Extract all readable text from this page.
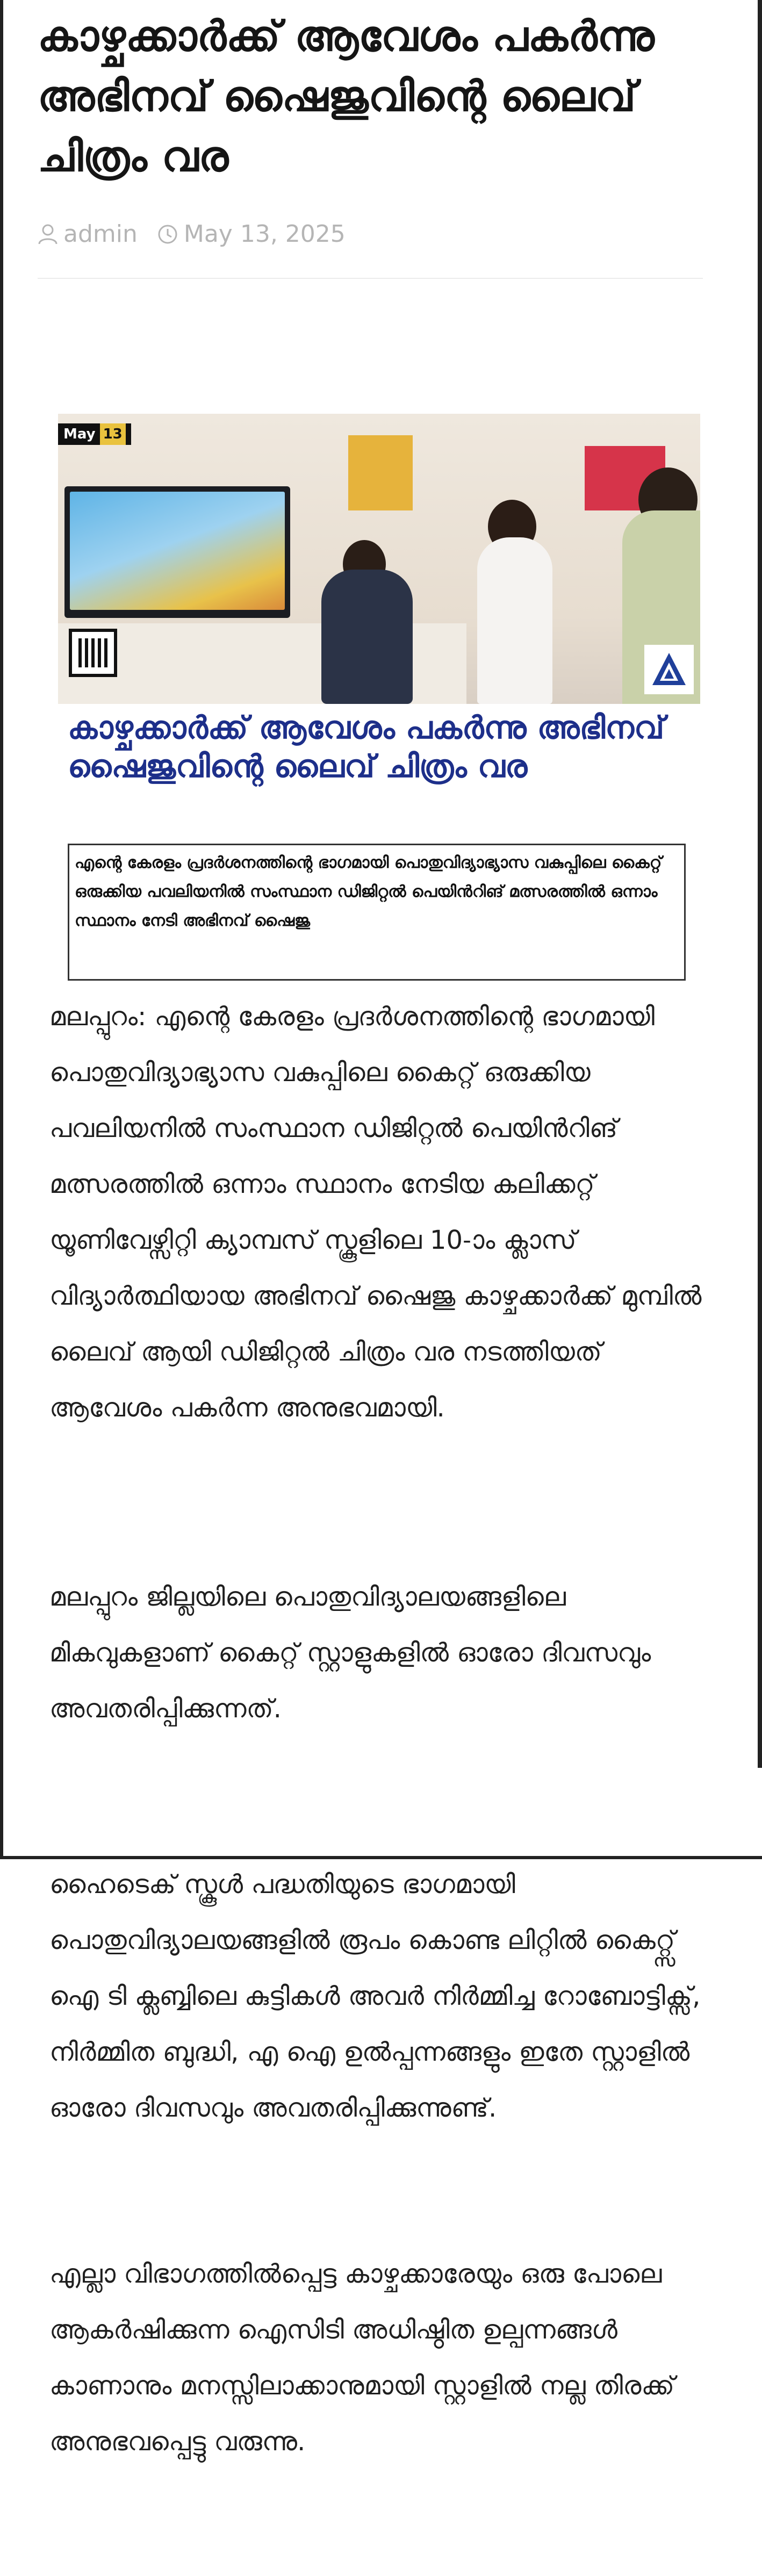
കാഴ്ചക്കാർക്ക് ആവേശം പകർന്നു അഭിനവ് ഷൈജുവിന്റെ ലൈവ് ചിത്രം വര
admin May 13, 2025
May 13
കാഴ്ചക്കാർക്ക് ആവേശം പകർന്നു അഭിനവ് ഷൈജുവിന്റെ ലൈവ് ചിത്രം വര
എന്റെ കേരളം പ്രദർശനത്തിന്റെ ഭാഗമായി പൊതുവിദ്യാഭ്യാസ വകുപ്പിലെ കൈറ്റ് ഒരുക്കിയ പവലിയനിൽ സംസ്ഥാന ഡിജിറ്റൽ പെയിൻറിങ് മത്സരത്തിൽ ഒന്നാം സ്ഥാനം നേടി അഭിനവ് ഷൈജു

മലപ്പുറം: എന്റെ കേരളം പ്രദർശനത്തിന്റെ ഭാഗമായി പൊതുവിദ്യാഭ്യാസ വകുപ്പിലെ കൈറ്റ് ഒരുക്കിയ പവലിയനിൽ സംസ്ഥാന ഡിജിറ്റൽ പെയിൻറിങ് മത്സരത്തിൽ ഒന്നാം സ്ഥാനം നേടിയ കലിക്കറ്റ് യൂണിവേഴ്സിറ്റി ക്യാമ്പസ് സ്കൂളിലെ 10-ാം ക്ലാസ് വിദ്യാർത്ഥിയായ അഭിനവ് ഷൈജു കാഴ്ചക്കാർക്ക് മുമ്പിൽ ലൈവ് ആയി ഡിജിറ്റൽ ചിത്രം വര നടത്തിയത് ആവേശം പകർന്ന അനുഭവമായി.

മലപ്പുറം ജില്ലയിലെ പൊതുവിദ്യാലയങ്ങളിലെ മികവുകളാണ് കൈറ്റ് സ്റ്റാളുകളിൽ ഓരോ ദിവസവും അവതരിപ്പിക്കുന്നത്.

ഹൈടെക് സ്കൂൾ പദ്ധതിയുടെ ഭാഗമായി പൊതുവിദ്യാലയങ്ങളിൽ രൂപം കൊണ്ട ലിറ്റിൽ കൈറ്റ്സ് ഐ ടി ക്ലബ്ബിലെ കുട്ടികൾ അവർ നിർമ്മിച്ച റോബോട്ടിക്സ്, നിർമ്മിത ബുദ്ധി, എ ഐ ഉൽപ്പന്നങ്ങളും ഇതേ സ്റ്റാളിൽ ഓരോ ദിവസവും അവതരിപ്പിക്കുന്നുണ്ട്.

എല്ലാ വിഭാഗത്തിൽപ്പെട്ട കാഴ്ചക്കാരേയും ഒരു പോലെ ആകർഷിക്കുന്ന ഐസിടി അധിഷ്ഠിത ഉല്പന്നങ്ങൾ കാണാനും മനസ്സിലാക്കാനുമായി സ്റ്റാളിൽ നല്ല തിരക്ക് അനുഭവപ്പെട്ടു വരുന്നു.
